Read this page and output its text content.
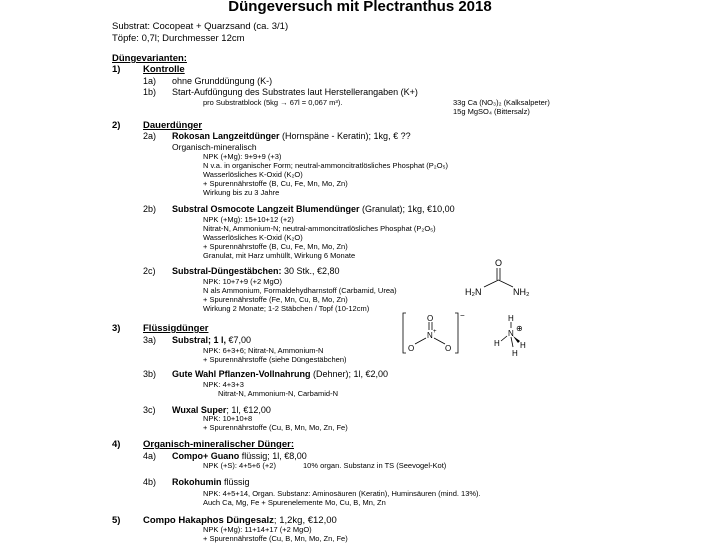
Düngeversuch mit Plectranthus 2018
Substrat: Cocopeat + Quarzsand (ca. 3/1)
Töpfe: 0,7l; Durchmesser 12cm
Düngevarianten:
1) Kontrolle
1a) ohne Grunddüngung (K-)
1b) Start-Aufdüngung des Substrates laut Herstellerangaben (K+)
pro Substratblock (5kg → 67l = 0,067 m³).	33g Ca (NO₃)₂ (Kalksalpeter)
15g MgSO₄ (Bittersalz)
2) Dauerdünger
2a) Rokosan Langzeitdünger (Hornspäne - Keratin); 1kg, € ??
Organisch-mineralisch
NPK (+Mg): 9+9+9 (+3)
N v.a. in organischer Form; neutral-ammoncitratlösliches Phosphat (P₂O₅)
Wasserlösliches K-Oxid (K₂O)
+ Spurennährstoffe (B, Cu, Fe, Mn, Mo, Zn)
Wirkung bis zu 3 Jahre
2b) Substral Osmocote Langzeit Blumendünger (Granulat); 1kg, €10,00
NPK (+Mg): 15+10+12 (+2)
Nitrat-N, Ammonium-N; neutral-ammoncitratlösliches Phosphat (P₂O₅)
Wasserlösliches K-Oxid (K₂O)
+ Spurennährstoffe (B, Cu, Fe, Mn, Mo, Zn)
Granulat, mit Harz umhüllt, Wirkung 6 Monate
2c) Substral-Düngestäbchen: 30 Stk., €2,80
NPK: 10+7+9 (+2 MgO)
N als Ammonium, Formaldehydharnstoff (Carbamid, Urea)
+ Spurennährstoffe (Fe, Mn, Cu, B, Mo, Zn)
Wirkung 2 Monate; 1-2 Stäbchen / Topf (10-12cm)
O
H₂N	NH₂
3) Flüssigdünger
3a) Substral; 1 l, €7,00
NPK: 6+3+6; Nitrat-N, Ammonium-N
+ Spurennährstoffe (siehe Düngestäbchen)
−
O
N +
O	O
H
N
⊕
H	H
H
3b) Gute Wahl Pflanzen-Vollnahrung (Dehner); 1l, €2,00
NPK: 4+3+3
Nitrat-N, Ammonium-N, Carbamid-N
3c) Wuxal Super; 1l, €12,00
NPK: 10+10+8
+ Spurennährstoffe (Cu, B, Mn, Mo, Zn, Fe)
4) Organisch-mineralischer Dünger:
4a) Compo+ Guano flüssig; 1l, €8,00
NPK (+S): 4+5+6 (+2)	10% organ. Substanz in TS (Seevogel-Kot)
4b) Rokohumin flüssig
NPK: 4+5+14, Organ. Substanz: Aminosäuren (Keratin), Huminsäuren (mind. 13%).
Auch Ca, Mg, Fe + Spurenelemente Mo, Cu, B, Mn, Zn
5) Compo Hakaphos Düngesalz; 1,2kg, €12,00
NPK (+Mg): 11+14+17 (+2 MgO)
+ Spurennährstoffe (Cu, B, Mn, Mo, Zn, Fe)
